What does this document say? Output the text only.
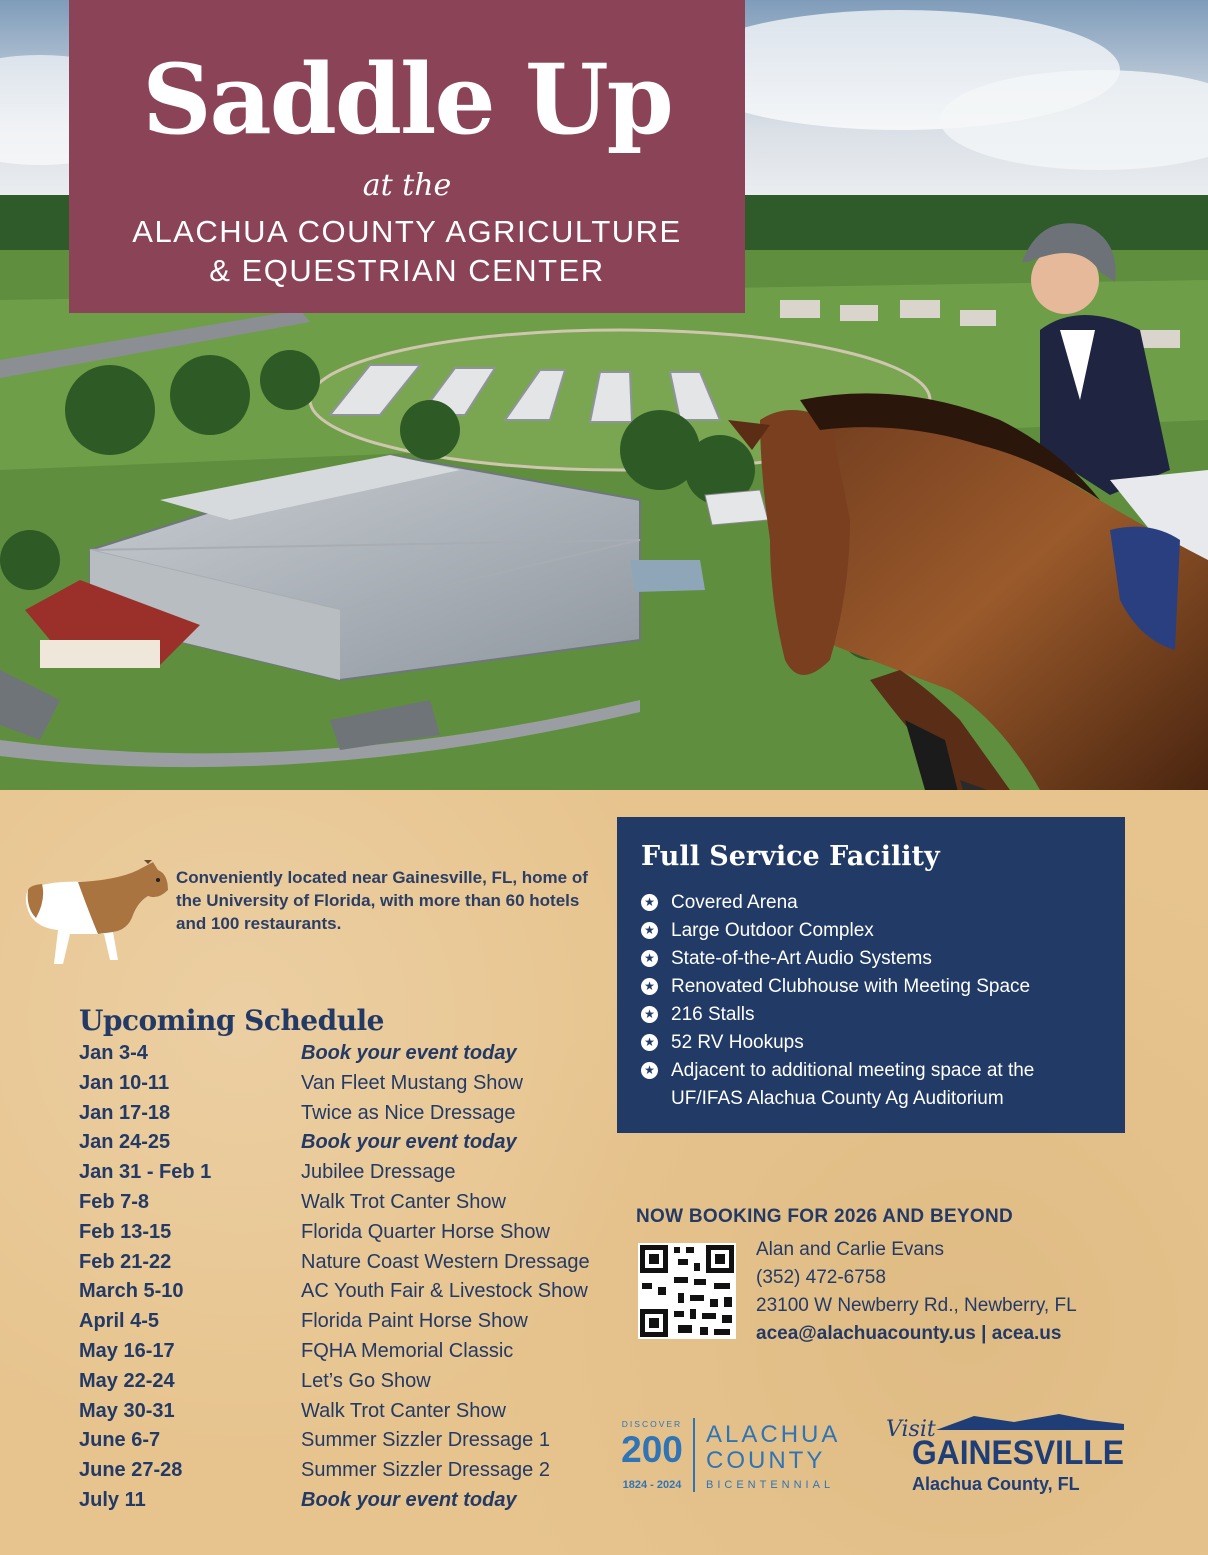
Saddle Up
at the
ALACHUA COUNTY AGRICULTURE
& EQUESTRIAN CENTER
Conveniently located near Gainesville, FL, home of the University of Florida, with more than 60 hotels and 100 restaurants.
Upcoming Schedule
Jan 3-4	Book your event today
Jan 10-11	Van Fleet Mustang Show
Jan 17-18	Twice as Nice Dressage
Jan 24-25	Book your event today
Jan 31 - Feb 1	Jubilee Dressage
Feb 7-8	Walk Trot Canter Show
Feb 13-15	Florida Quarter Horse Show
Feb 21-22	Nature Coast Western Dressage
March 5-10	AC Youth Fair & Livestock Show
April 4-5	Florida Paint Horse Show
May 16-17	FQHA Memorial Classic
May 22-24	Let’s Go Show
May 30-31	Walk Trot Canter Show
June 6-7	Summer Sizzler Dressage 1
June 27-28	Summer Sizzler Dressage 2
July 11	Book your event today
Full Service Facility
★ Covered Arena
★ Large Outdoor Complex
★ State-of-the-Art Audio Systems
★ Renovated Clubhouse with Meeting Space
★ 216 Stalls
★ 52 RV Hookups
★ Adjacent to additional meeting space at the UF/IFAS Alachua County Ag Auditorium
NOW BOOKING FOR 2026 AND BEYOND
Alan and Carlie Evans
(352) 472-6758
23100 W Newberry Rd., Newberry, FL
acea@alachuacounty.us | acea.us
DISCOVER
200
1824 - 2024
ALACHUA
COUNTY
BICENTENNIAL
Visit
GAINESVILLE
Alachua County, FL
